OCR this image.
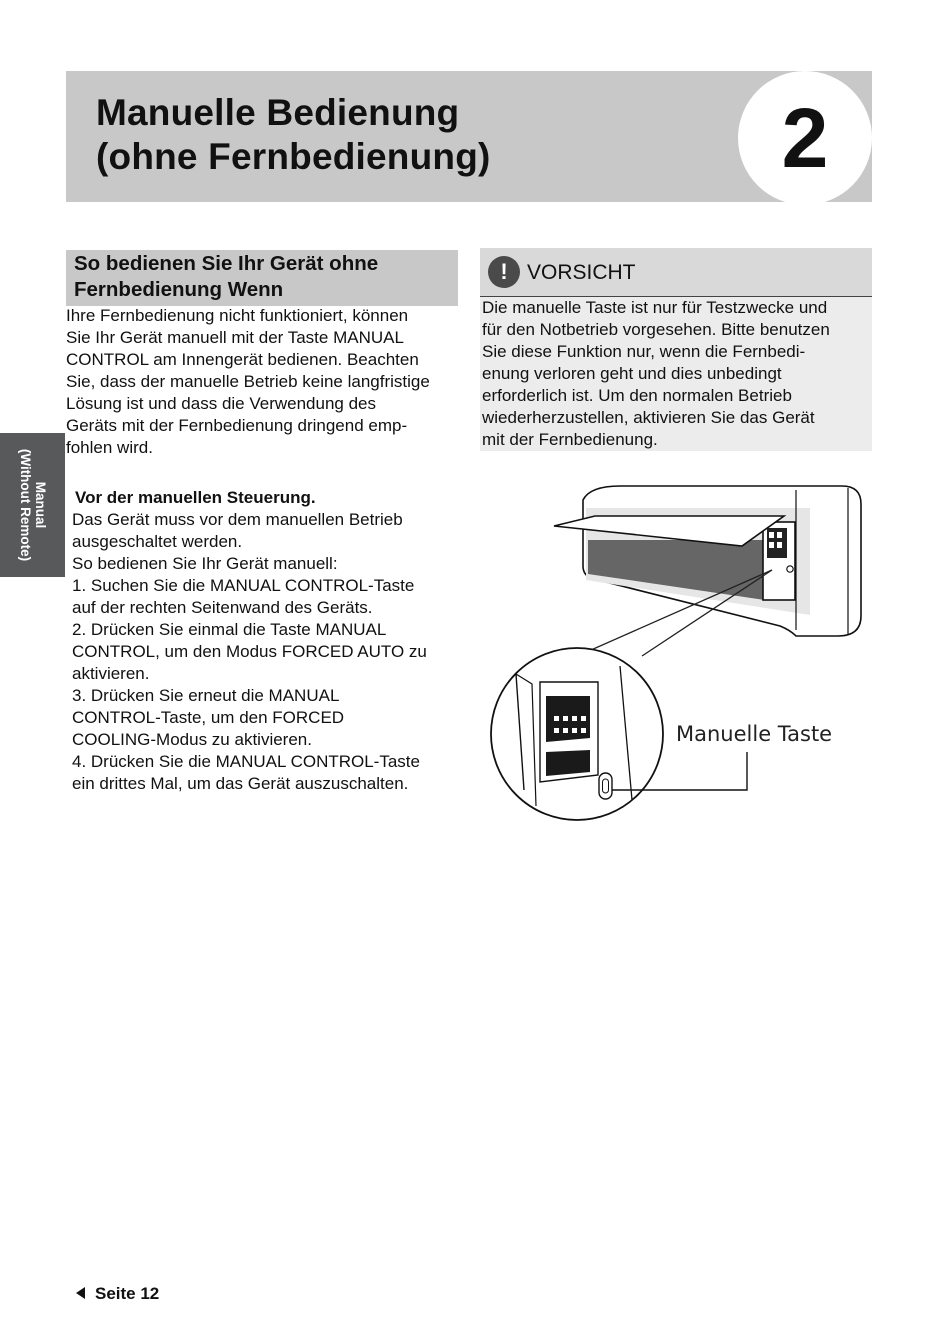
Manuelle Bedienung
(ohne Fernbedienung)	2
Manual
(Without Remote)
So bedienen Sie Ihr Gerät ohne
Fernbedienung Wenn
Ihre Fernbedienung nicht funktioniert, können
Sie Ihr Gerät manuell mit der Taste MANUAL
CONTROL am Innengerät bedienen. Beachten
Sie, dass der manuelle Betrieb keine langfristige
Lösung ist und dass die Verwendung des
Geräts mit der Fernbedienung dringend emp-
fohlen wird.
Vor der manuellen Steuerung.
Das Gerät muss vor dem manuellen Betrieb
ausgeschaltet werden.
So bedienen Sie Ihr Gerät manuell:
1. Suchen Sie die MANUAL CONTROL-Taste
auf der rechten Seitenwand des Geräts.
2. Drücken Sie einmal die Taste MANUAL
CONTROL, um den Modus FORCED AUTO zu
aktivieren.
3. Drücken Sie erneut die MANUAL
CONTROL-Taste, um den FORCED
COOLING-Modus zu aktivieren.
4. Drücken Sie die MANUAL CONTROL-Taste
ein drittes Mal, um das Gerät auszuschalten.
! VORSICHT
Die manuelle Taste ist nur für Testzwecke und
für den Notbetrieb vorgesehen. Bitte benutzen
Sie diese Funktion nur, wenn die Fernbedi-
enung verloren geht und dies unbedingt
erforderlich ist. Um den normalen Betrieb
wiederherzustellen, aktivieren Sie das Gerät
mit der Fernbedienung.
Manuelle Taste
Seite 12
